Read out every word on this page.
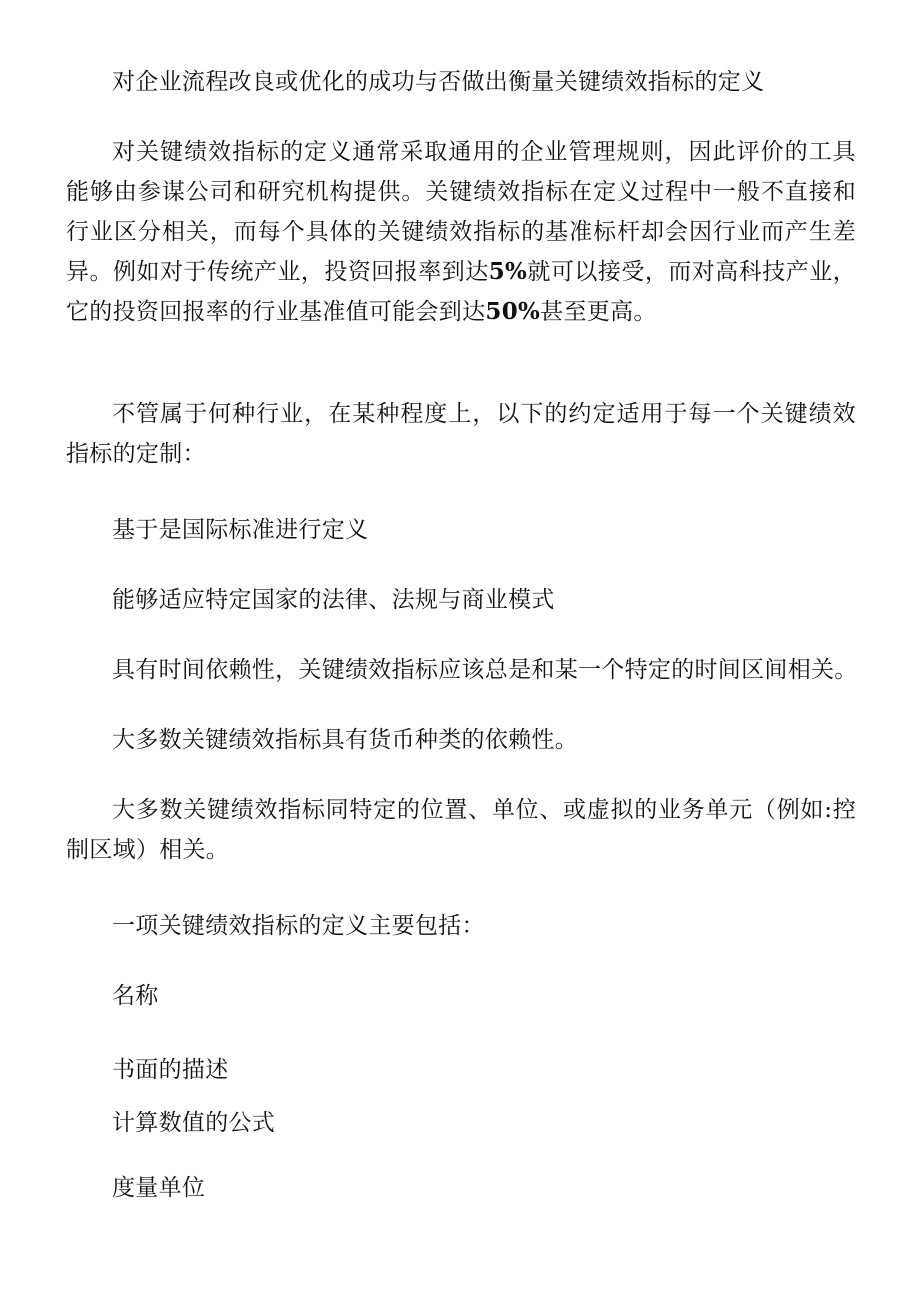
对企业流程改良或优化的成功与否做出衡量关键绩效指标的定义

对关键绩效指标的定义通常采取通用的企业管理规则，因此评价的工具能够由参谋公司和研究机构提供。关键绩效指标在定义过程中一般不直接和行业区分相关，而每个具体的关键绩效指标的基准标杆却会因行业而产生差异。例如对于传统产业，投资回报率到达5%就可以接受，而对高科技产业，它的投资回报率的行业基准值可能会到达50%甚至更高。

不管属于何种行业，在某种程度上，以下的约定适用于每一个关键绩效指标的定制：

基于是国际标准进行定义

能够适应特定国家的法律、法规与商业模式

具有时间依赖性，关键绩效指标应该总是和某一个特定的时间区间相关。

大多数关键绩效指标具有货币种类的依赖性。

大多数关键绩效指标同特定的位置、单位、或虚拟的业务单元（例如:控制区域）相关。

一项关键绩效指标的定义主要包括：

名称

书面的描述

计算数值的公式

度量单位
